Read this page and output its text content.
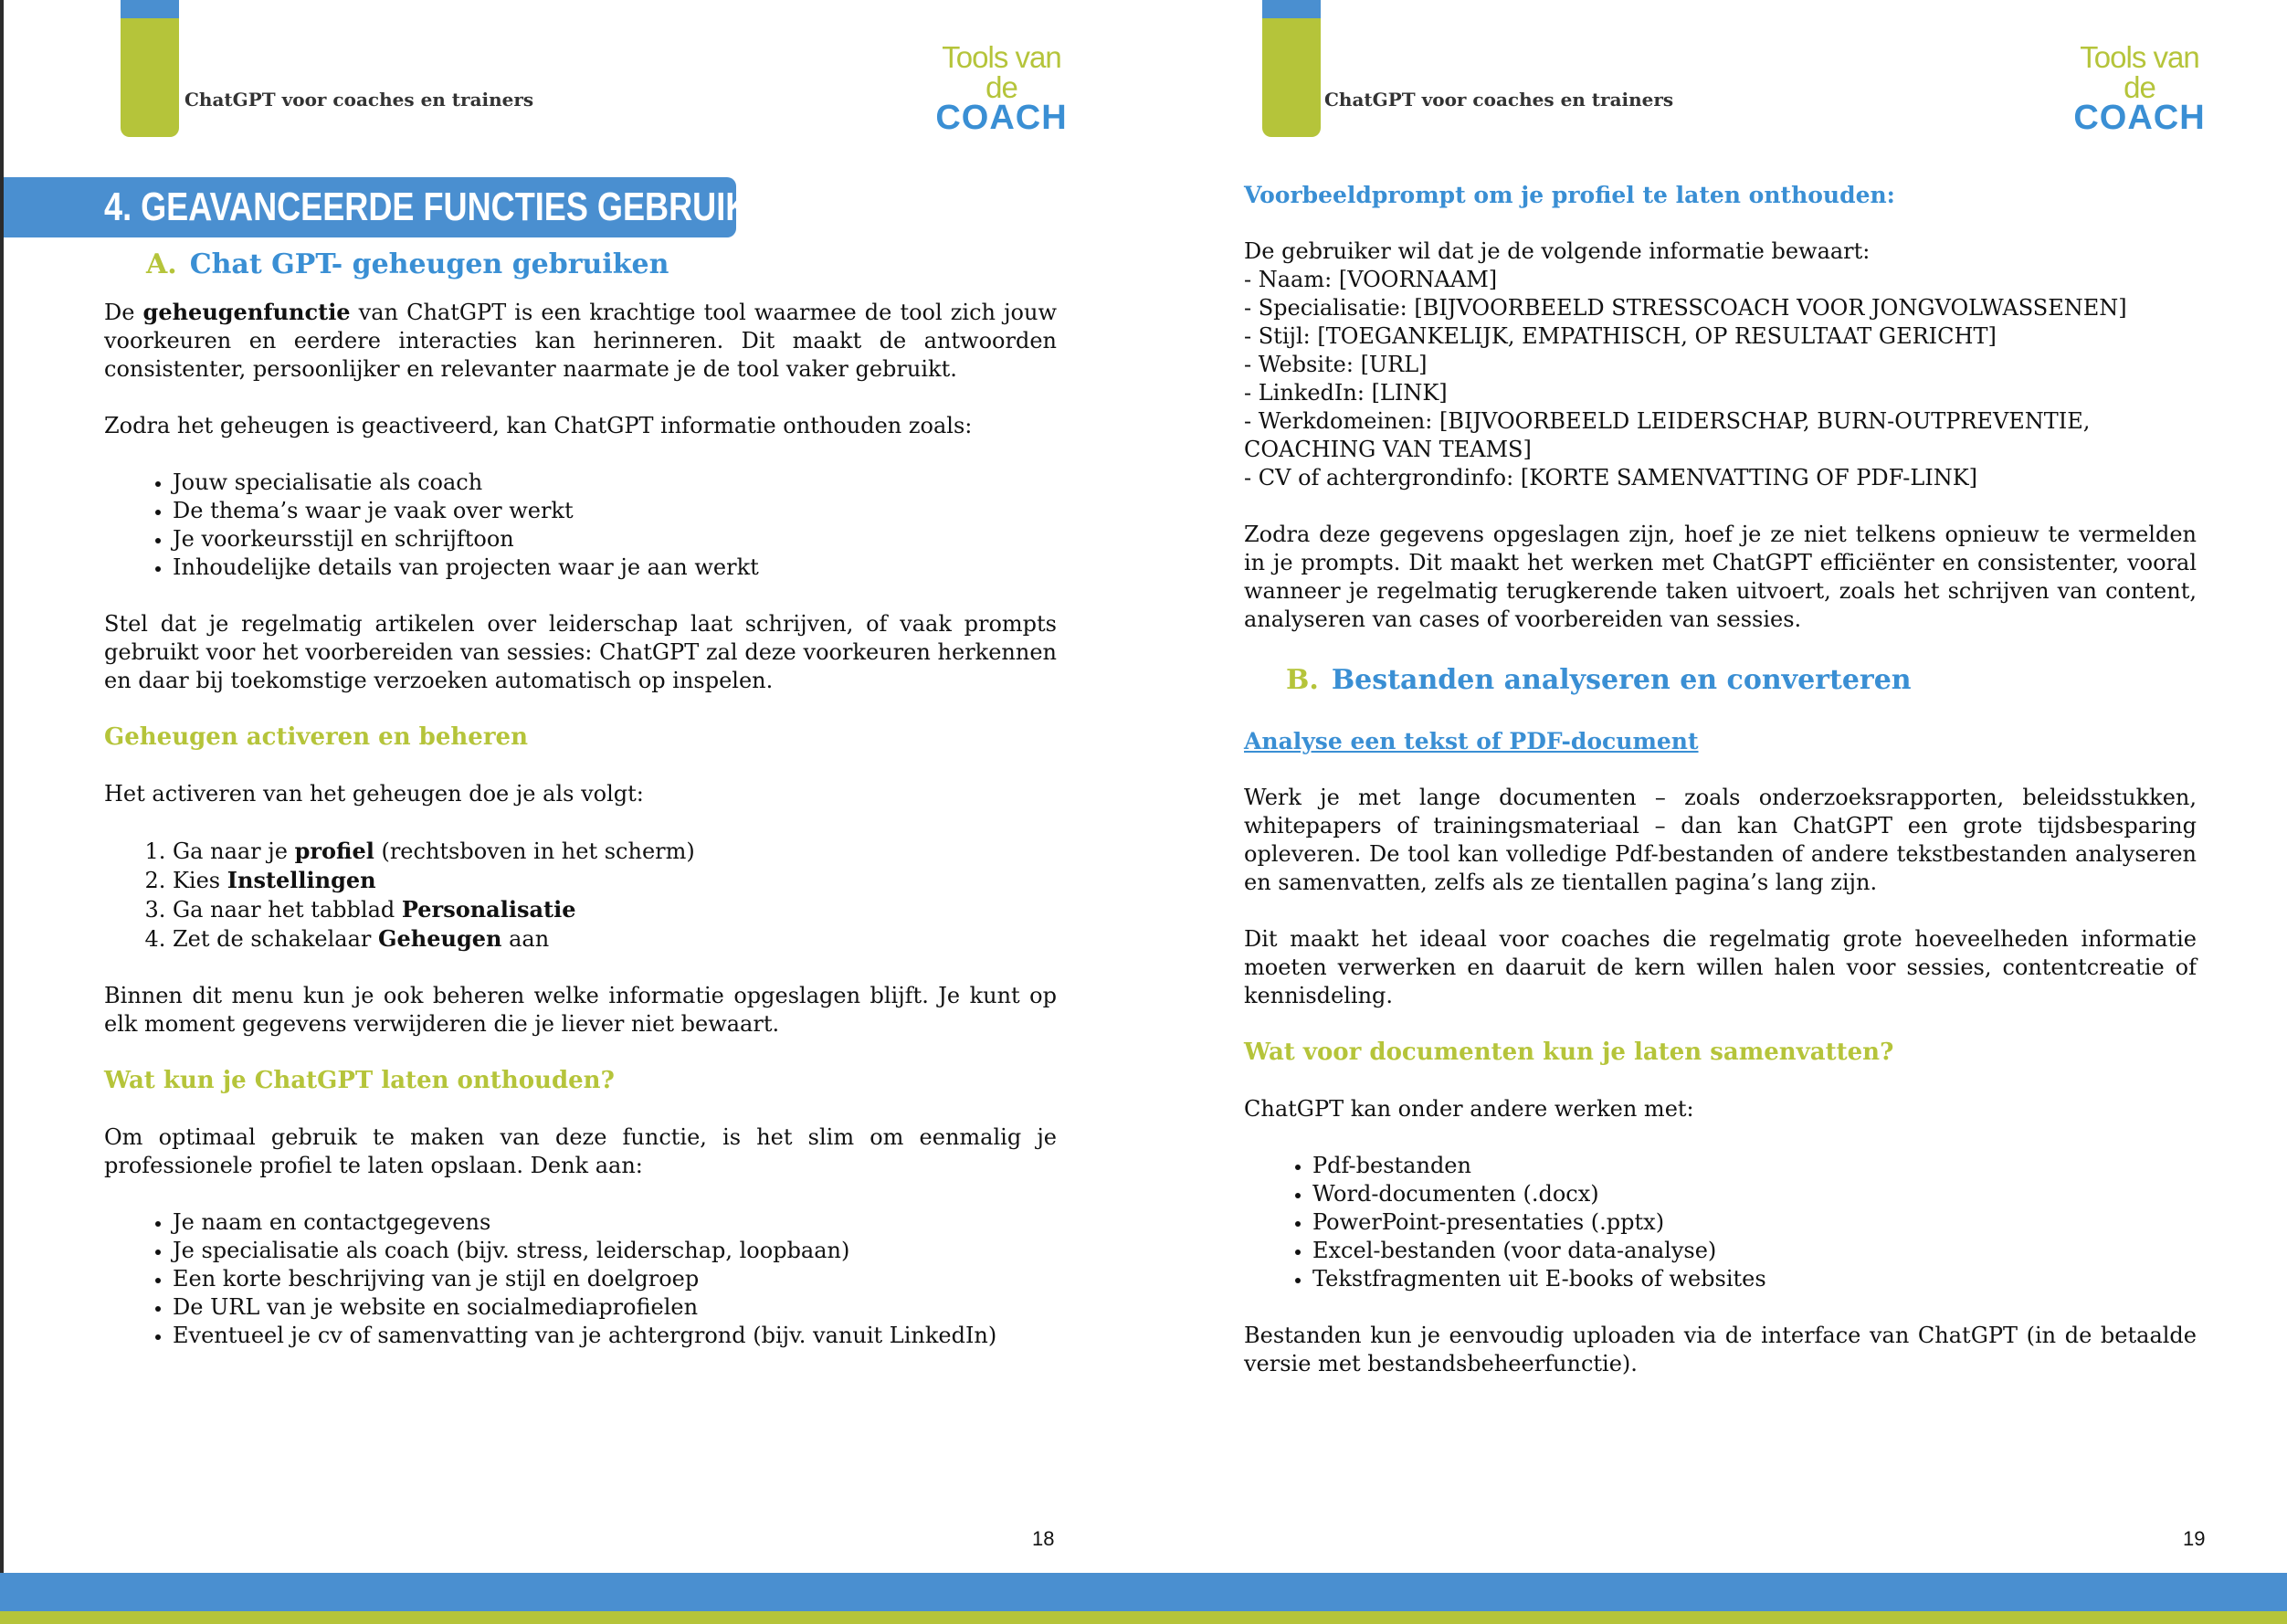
ChatGPT voor coaches en trainers
Tools van de
COACH
4. GEAVANCEERDE FUNCTIES GEBRUIKEN
A. Chat GPT- geheugen gebruiken

De geheugenfunctie van ChatGPT is een krachtige tool waarmee de tool zich jouw voorkeuren en eerdere interacties kan herinneren. Dit maakt de antwoorden consistenter, persoonlijker en relevanter naarmate je de tool vaker gebruikt.

Zodra het geheugen is geactiveerd, kan ChatGPT informatie onthouden zoals:

• Jouw specialisatie als coach
• De thema’s waar je vaak over werkt
• Je voorkeursstijl en schrijftoon
• Inhoudelijke details van projecten waar je aan werkt

Stel dat je regelmatig artikelen over leiderschap laat schrijven, of vaak prompts gebruikt voor het voorbereiden van sessies: ChatGPT zal deze voorkeuren herkennen en daar bij toekomstige verzoeken automatisch op inspelen.

Geheugen activeren en beheren

Het activeren van het geheugen doe je als volgt:

1. Ga naar je profiel (rechtsboven in het scherm)
2. Kies Instellingen
3. Ga naar het tabblad Personalisatie
4. Zet de schakelaar Geheugen aan

Binnen dit menu kun je ook beheren welke informatie opgeslagen blijft. Je kunt op elk moment gegevens verwijderen die je liever niet bewaart.

Wat kun je ChatGPT laten onthouden?

Om optimaal gebruik te maken van deze functie, is het slim om eenmalig je professionele profiel te laten opslaan. Denk aan:

• Je naam en contactgegevens
• Je specialisatie als coach (bijv. stress, leiderschap, loopbaan)
• Een korte beschrijving van je stijl en doelgroep
• De URL van je website en socialmediaprofielen
• Eventueel je cv of samenvatting van je achtergrond (bijv. vanuit LinkedIn)
18
ChatGPT voor coaches en trainers
Tools van de
COACH
Voorbeeldprompt om je profiel te laten onthouden:
De gebruiker wil dat je de volgende informatie bewaart:
- Naam: [VOORNAAM]
- Specialisatie: [BIJVOORBEELD STRESSCOACH VOOR JONGVOLWASSENEN]
- Stijl: [TOEGANKELIJK, EMPATHISCH, OP RESULTAAT GERICHT]
- Website: [URL]
- LinkedIn: [LINK]
- Werkdomeinen: [BIJVOORBEELD LEIDERSCHAP, BURN-OUTPREVENTIE, COACHING VAN TEAMS]
- CV of achtergrondinfo: [KORTE SAMENVATTING OF PDF-LINK]

Zodra deze gegevens opgeslagen zijn, hoef je ze niet telkens opnieuw te vermelden in je prompts. Dit maakt het werken met ChatGPT efficiënter en consistenter, vooral wanneer je regelmatig terugkerende taken uitvoert, zoals het schrijven van content, analyseren van cases of voorbereiden van sessies.

B. Bestanden analyseren en converteren
Analyse een tekst of PDF-document

Werk je met lange documenten – zoals onderzoeksrapporten, beleidsstukken, whitepapers of trainingsmateriaal – dan kan ChatGPT een grote tijdsbesparing opleveren. De tool kan volledige Pdf-bestanden of andere tekstbestanden analyseren en samenvatten, zelfs als ze tientallen pagina’s lang zijn.

Dit maakt het ideaal voor coaches die regelmatig grote hoeveelheden informatie moeten verwerken en daaruit de kern willen halen voor sessies, contentcreatie of kennisdeling.

Wat voor documenten kun je laten samenvatten?

ChatGPT kan onder andere werken met:

• Pdf-bestanden
• Word-documenten (.docx)
• PowerPoint-presentaties (.pptx)
• Excel-bestanden (voor data-analyse)
• Tekstfragmenten uit E-books of websites

Bestanden kun je eenvoudig uploaden via de interface van ChatGPT (in de betaalde versie met bestandsbeheerfunctie).

19
